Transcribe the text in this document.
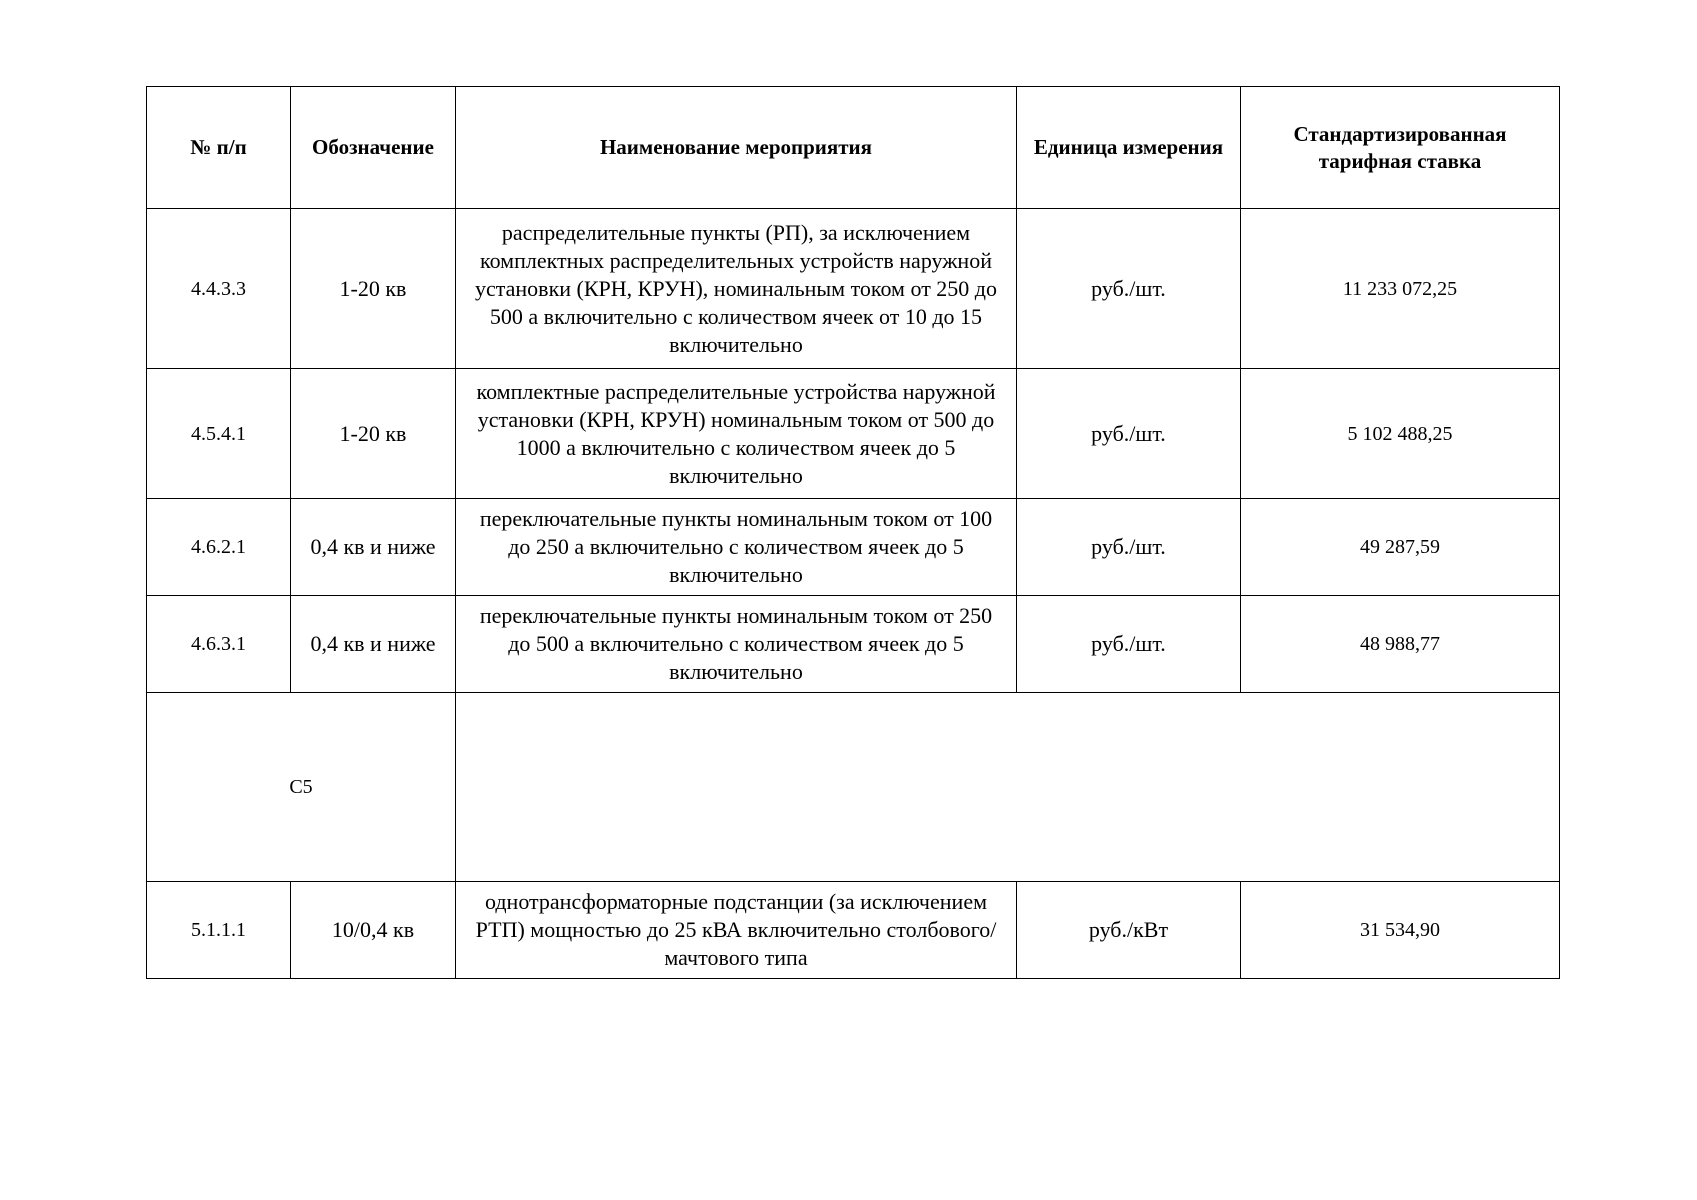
№ п/п	Обозначение	Наименование мероприятия	Единица измерения	Стандартизированная тарифная ставка
4.4.3.3	1-20 кв	распределительные пункты (РП), за исключением комплектных распределительных устройств наружной установки (КРН, КРУН), номинальным током от 250 до 500 а включительно с количеством ячеек от 10 до 15 включительно	руб./шт.	11 233 072,25
4.5.4.1	1-20 кв	комплектные распределительные устройства наружной установки (КРН, КРУН) номинальным током от 500 до 1000 а включительно с количеством ячеек до 5 включительно	руб./шт.	5 102 488,25
4.6.2.1	0,4 кв и ниже	переключательные пункты номинальным током от 100 до 250 а включительно с количеством ячеек до 5 включительно	руб./шт.	49 287,59
4.6.3.1	0,4 кв и ниже	переключательные пункты номинальным током от 250 до 500 а включительно с количеством ячеек до 5 включительно	руб./шт.	48 988,77
С5				
5.1.1.1	10/0,4 кв	однотрансформаторные подстанции (за исключением РТП) мощностью до 25 кВА включительно столбового/мачтового типа	руб./кВт	31 534,90
